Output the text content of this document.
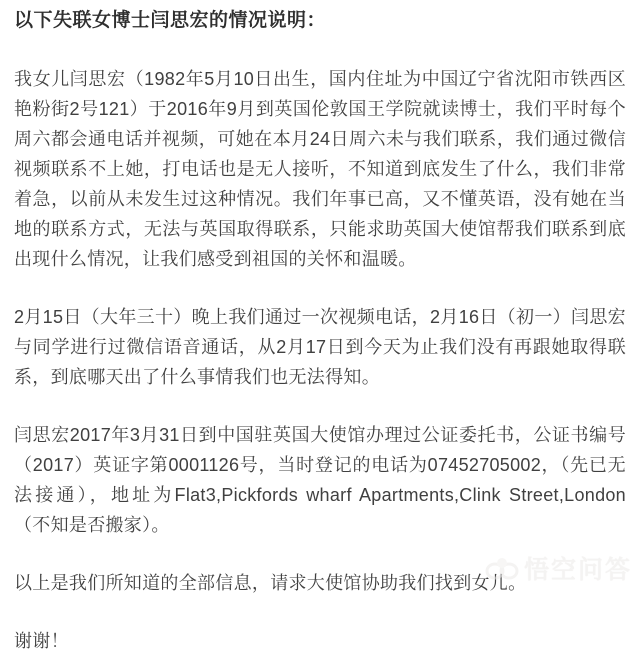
以下失联女博士闫思宏的情况说明：

我女儿闫思宏（1982年5月10日出生，国内住址为中国辽宁省沈阳市铁西区艳粉街2号121）于2016年9月到英国伦敦国王学院就读博士，我们平时每个周六都会通电话并视频，可她在本月24日周六未与我们联系，我们通过微信视频联系不上她，打电话也是无人接听，不知道到底发生了什么，我们非常着急，以前从未发生过这种情况。我们年事已高，又不懂英语，没有她在当地的联系方式，无法与英国取得联系，只能求助英国大使馆帮我们联系到底出现什么情况，让我们感受到祖国的关怀和温暖。

2月15日（大年三十）晚上我们通过一次视频电话，2月16日（初一）闫思宏与同学进行过微信语音通话，从2月17日到今天为止我们没有再跟她取得联系，到底哪天出了什么事情我们也无法得知。

闫思宏2017年3月31日到中国驻英国大使馆办理过公证委托书，公证书编号（2017）英证字第0001126号，当时登记的电话为07452705002，（先已无法接通），地址为Flat3,Pickfords wharf Apartments,Clink Street,London（不知是否搬家）。

以上是我们所知道的全部信息，请求大使馆协助我们找到女儿。

谢谢！

悟空问答
